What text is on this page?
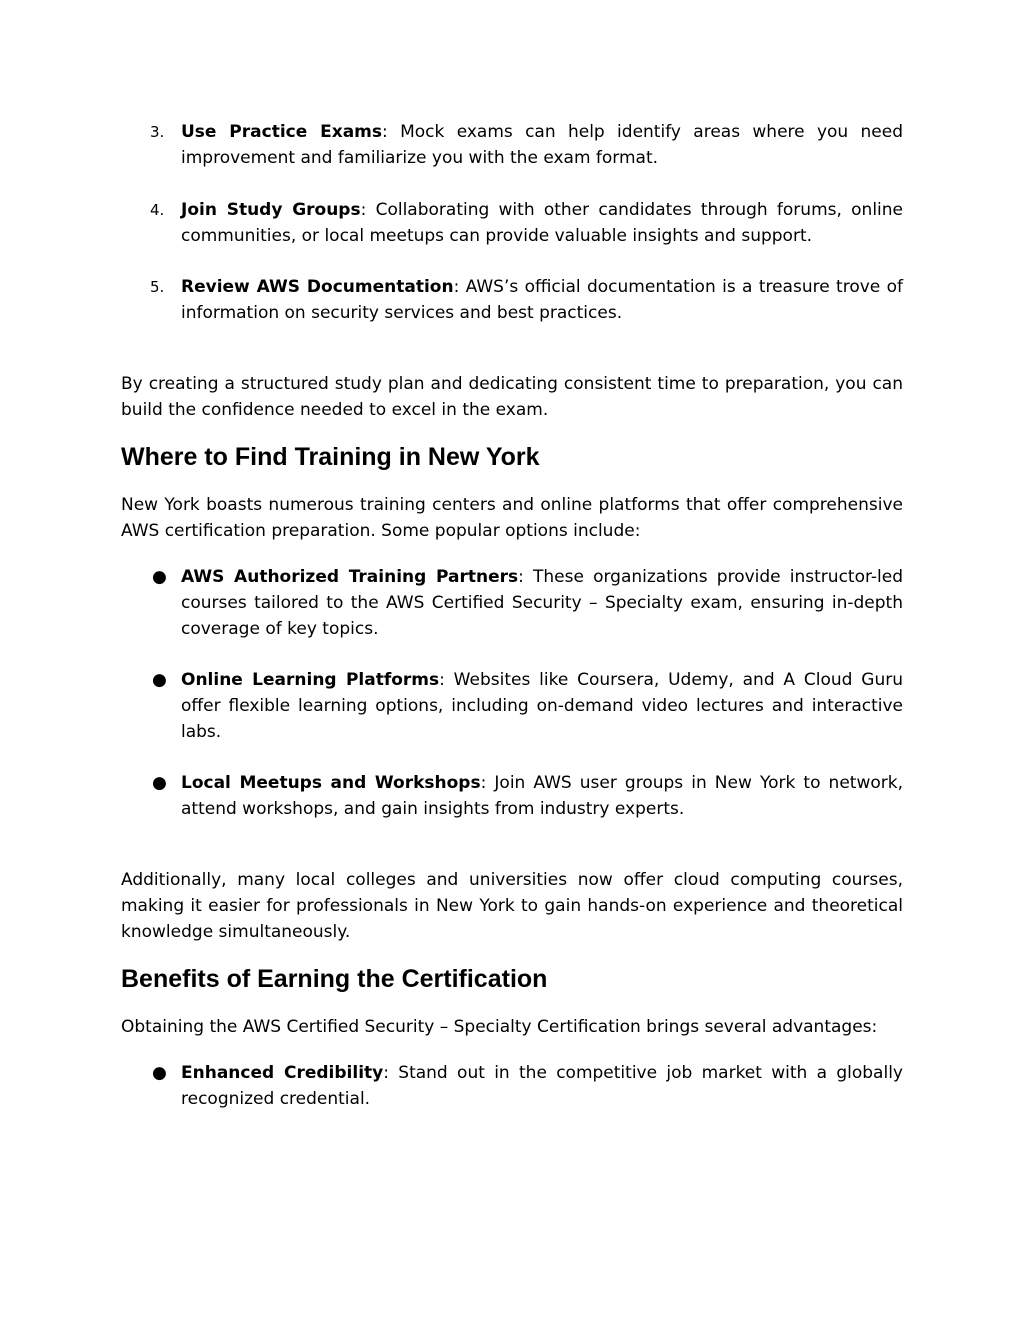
3. Use Practice Exams: Mock exams can help identify areas where you need improvement and familiarize you with the exam format.

4. Join Study Groups: Collaborating with other candidates through forums, online communities, or local meetups can provide valuable insights and support.

5. Review AWS Documentation: AWS’s official documentation is a treasure trove of information on security services and best practices.

By creating a structured study plan and dedicating consistent time to preparation, you can build the confidence needed to excel in the exam.

Where to Find Training in New York

New York boasts numerous training centers and online platforms that offer comprehensive AWS certification preparation. Some popular options include:

● AWS Authorized Training Partners: These organizations provide instructor-led courses tailored to the AWS Certified Security – Specialty exam, ensuring in-depth coverage of key topics.

● Online Learning Platforms: Websites like Coursera, Udemy, and A Cloud Guru offer flexible learning options, including on-demand video lectures and interactive labs.

● Local Meetups and Workshops: Join AWS user groups in New York to network, attend workshops, and gain insights from industry experts.

Additionally, many local colleges and universities now offer cloud computing courses, making it easier for professionals in New York to gain hands-on experience and theoretical knowledge simultaneously.

Benefits of Earning the Certification

Obtaining the AWS Certified Security – Specialty Certification brings several advantages:

● Enhanced Credibility: Stand out in the competitive job market with a globally recognized credential.
